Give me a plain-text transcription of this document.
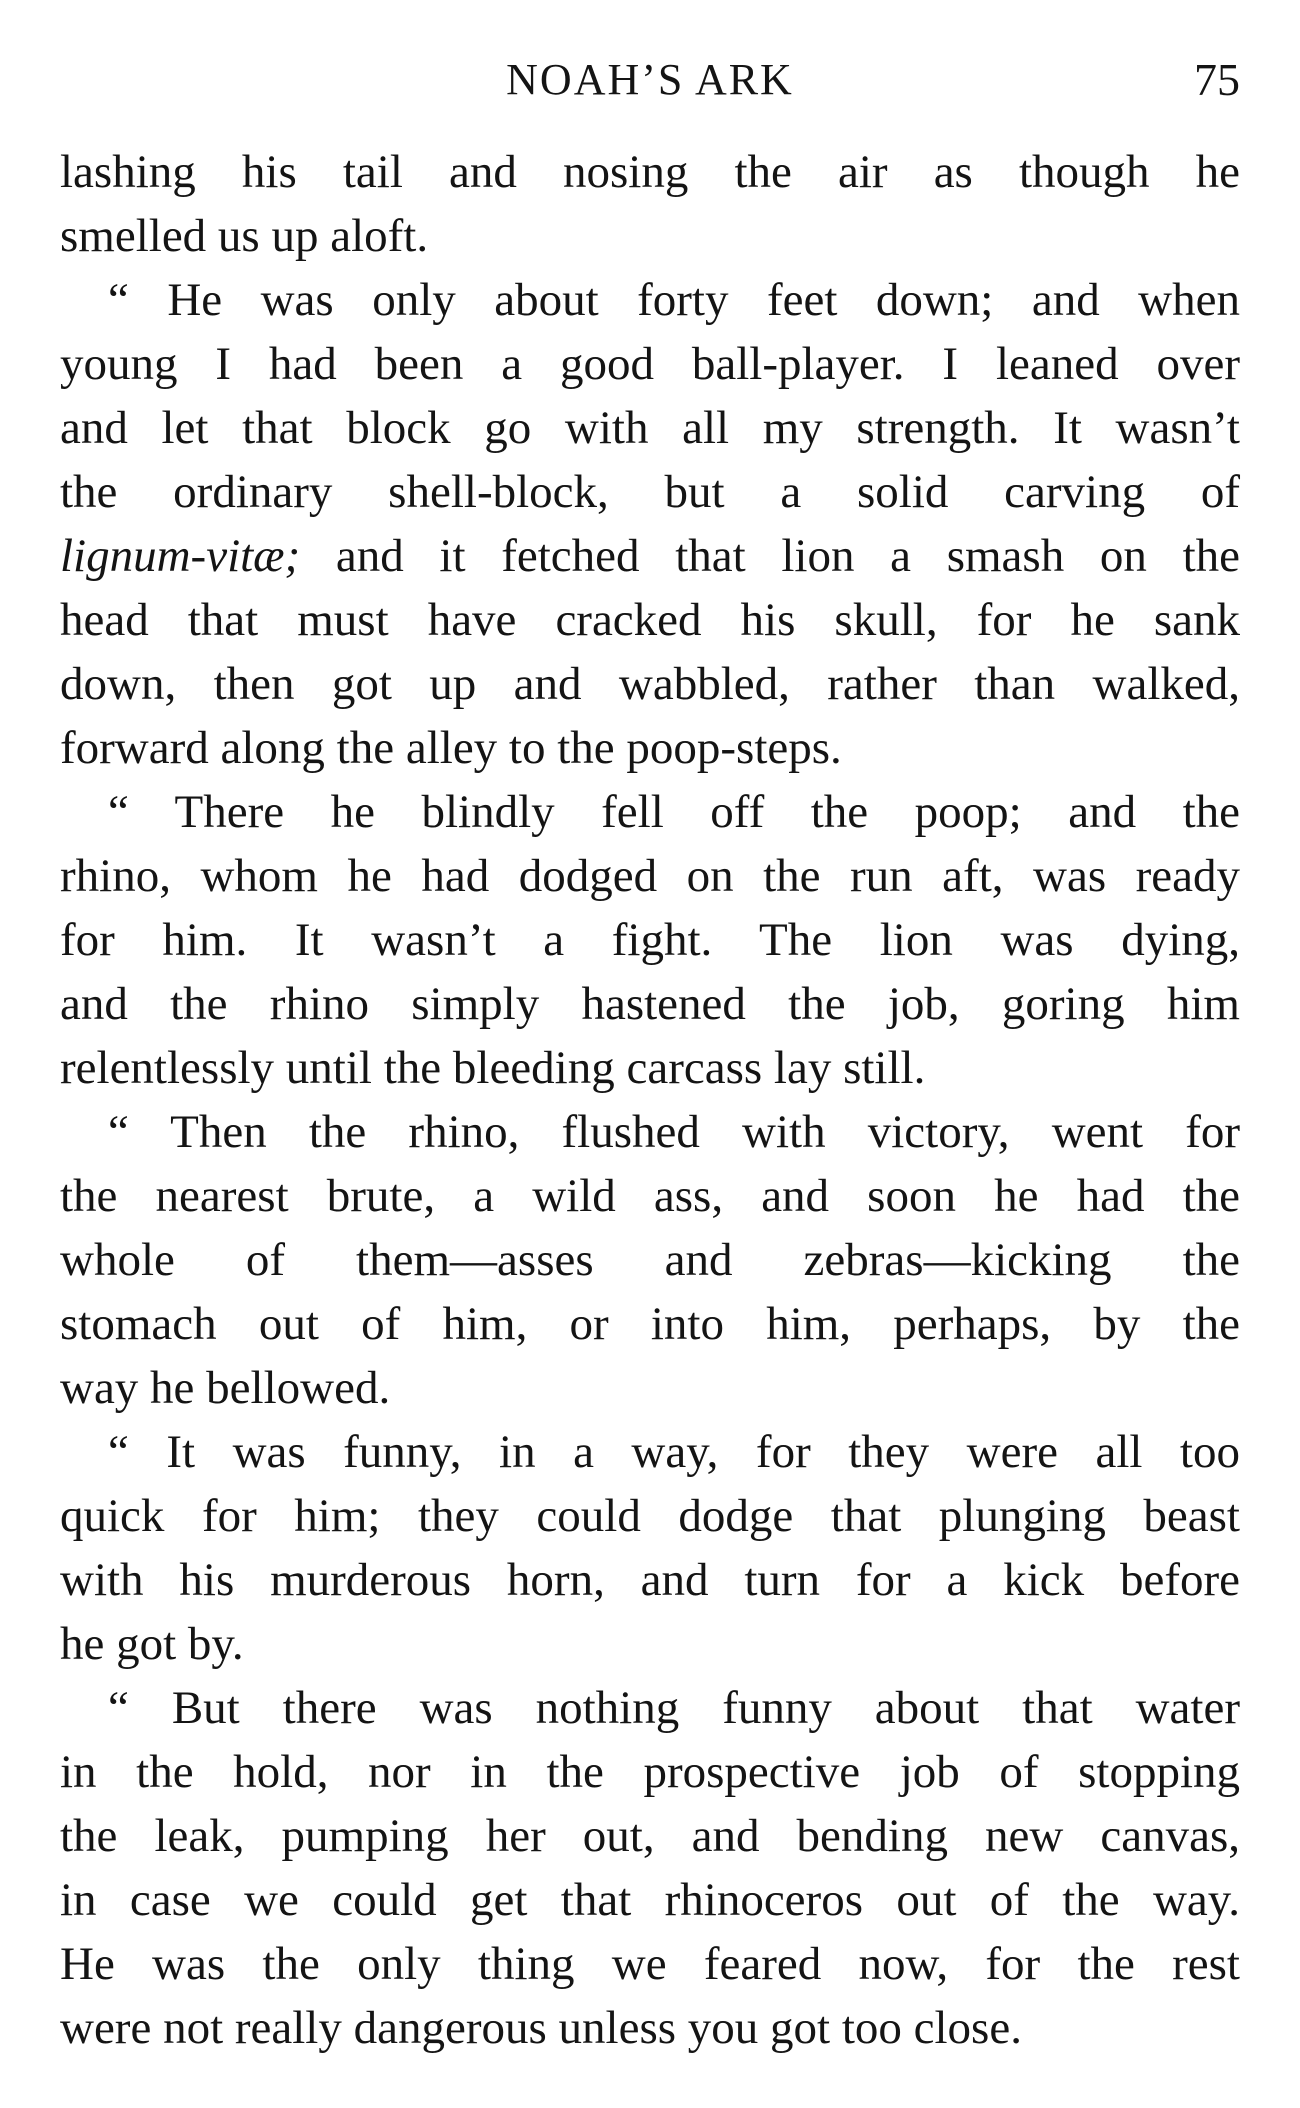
NOAH’S ARK	75

lashing his tail and nosing the air as though he
smelled us up aloft.

“ He was only about forty feet down; and when
young I had been a good ball-player. I leaned over
and let that block go with all my strength. It wasn’t
the ordinary shell-block, but a solid carving of
lignum-vitæ; and it fetched that lion a smash on the
head that must have cracked his skull, for he sank
down, then got up and wabbled, rather than walked,
forward along the alley to the poop-steps.

“ There he blindly fell off the poop; and the
rhino, whom he had dodged on the run aft, was ready
for him. It wasn’t a fight. The lion was dying,
and the rhino simply hastened the job, goring him
relentlessly until the bleeding carcass lay still.

“ Then the rhino, flushed with victory, went for
the nearest brute, a wild ass, and soon he had the
whole of them—asses and zebras—kicking the
stomach out of him, or into him, perhaps, by the
way he bellowed.

“ It was funny, in a way, for they were all too
quick for him; they could dodge that plunging beast
with his murderous horn, and turn for a kick before
he got by.

“ But there was nothing funny about that water
in the hold, nor in the prospective job of stopping
the leak, pumping her out, and bending new canvas,
in case we could get that rhinoceros out of the way.
He was the only thing we feared now, for the rest
were not really dangerous unless you got too close.
